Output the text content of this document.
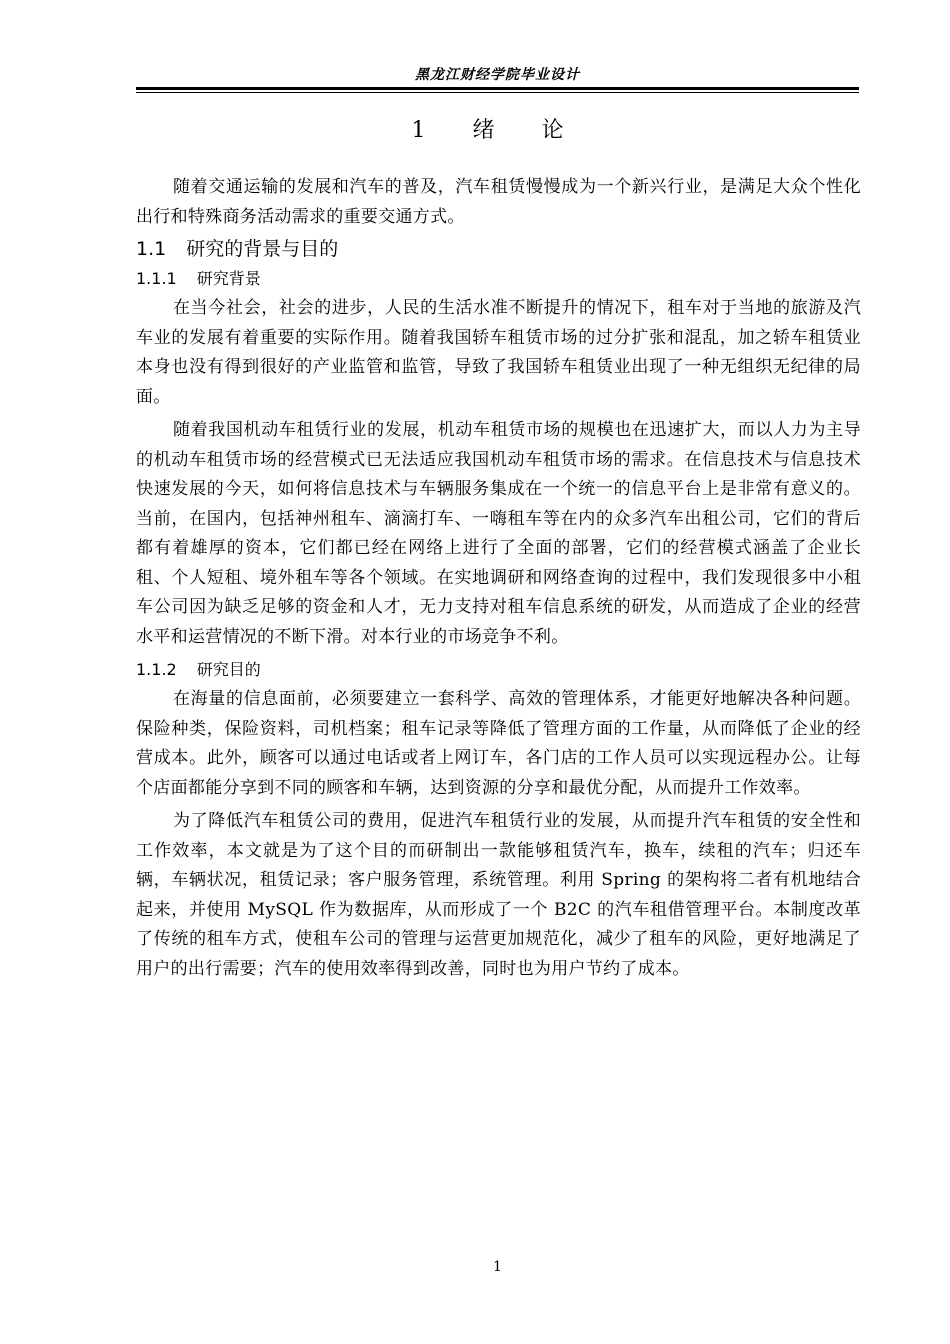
黑龙江财经学院毕业设计
1 绪 论

随着交通运输的发展和汽车的普及，汽车租赁慢慢成为一个新兴行业，是满足大众个性化出行和特殊商务活动需求的重要交通方式。

1.1 研究的背景与目的
1.1.1 研究背景

在当今社会，社会的进步，人民的生活水准不断提升的情况下，租车对于当地的旅游及汽车业的发展有着重要的实际作用。随着我国轿车租赁市场的过分扩张和混乱，加之轿车租赁业本身也没有得到很好的产业监管和监管，导致了我国轿车租赁业出现了一种无组织无纪律的局面。

随着我国机动车租赁行业的发展，机动车租赁市场的规模也在迅速扩大，而以人力为主导的机动车租赁市场的经营模式已无法适应我国机动车租赁市场的需求。在信息技术与信息技术快速发展的今天，如何将信息技术与车辆服务集成在一个统一的信息平台上是非常有意义的。当前，在国内，包括神州租车、滴滴打车、一嗨租车等在内的众多汽车出租公司，它们的背后都有着雄厚的资本，它们都已经在网络上进行了全面的部署，它们的经营模式涵盖了企业长租、个人短租、境外租车等各个领域。在实地调研和网络查询的过程中，我们发现很多中小租车公司因为缺乏足够的资金和人才，无力支持对租车信息系统的研发，从而造成了企业的经营水平和运营情况的不断下滑。对本行业的市场竞争不利。

1.1.2 研究目的

在海量的信息面前，必须要建立一套科学、高效的管理体系，才能更好地解决各种问题。保险种类，保险资料，司机档案；租车记录等降低了管理方面的工作量，从而降低了企业的经营成本。此外，顾客可以通过电话或者上网订车，各门店的工作人员可以实现远程办公。让每个店面都能分享到不同的顾客和车辆，达到资源的分享和最优分配，从而提升工作效率。

为了降低汽车租赁公司的费用，促进汽车租赁行业的发展，从而提升汽车租赁的安全性和工作效率，本文就是为了这个目的而研制出一款能够租赁汽车，换车，续租的汽车；归还车辆，车辆状况，租赁记录；客户服务管理，系统管理。利用 Spring 的架构将二者有机地结合起来，并使用 MySQL 作为数据库，从而形成了一个 B2C 的汽车租借管理平台。本制度改革了传统的租车方式，使租车公司的管理与运营更加规范化，减少了租车的风险，更好地满足了用户的出行需要；汽车的使用效率得到改善，同时也为用户节约了成本。

1
